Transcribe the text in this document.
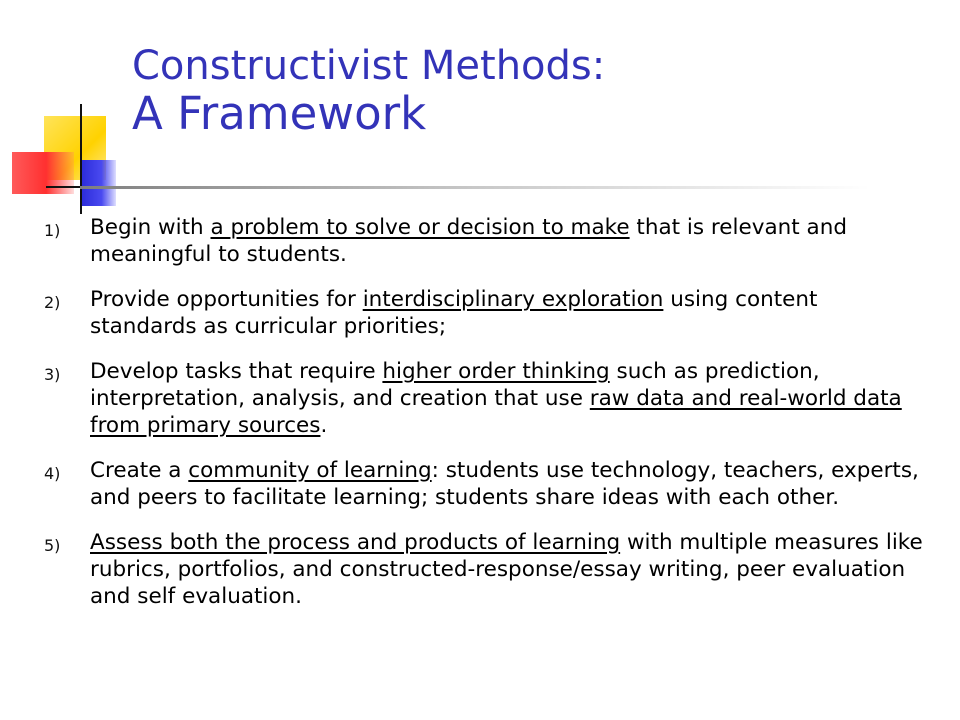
Constructivist Methods:
A Framework
1) Begin with a problem to solve or decision to make that is relevant and meaningful to students.
2) Provide opportunities for interdisciplinary exploration using content standards as curricular priorities;
3) Develop tasks that require higher order thinking such as prediction, interpretation, analysis, and creation that use raw data and real-world data from primary sources.
4) Create a community of learning: students use technology, teachers, experts, and peers to facilitate learning; students share ideas with each other.
5) Assess both the process and products of learning with multiple measures like rubrics, portfolios, and constructed-response/essay writing, peer evaluation and self evaluation.
